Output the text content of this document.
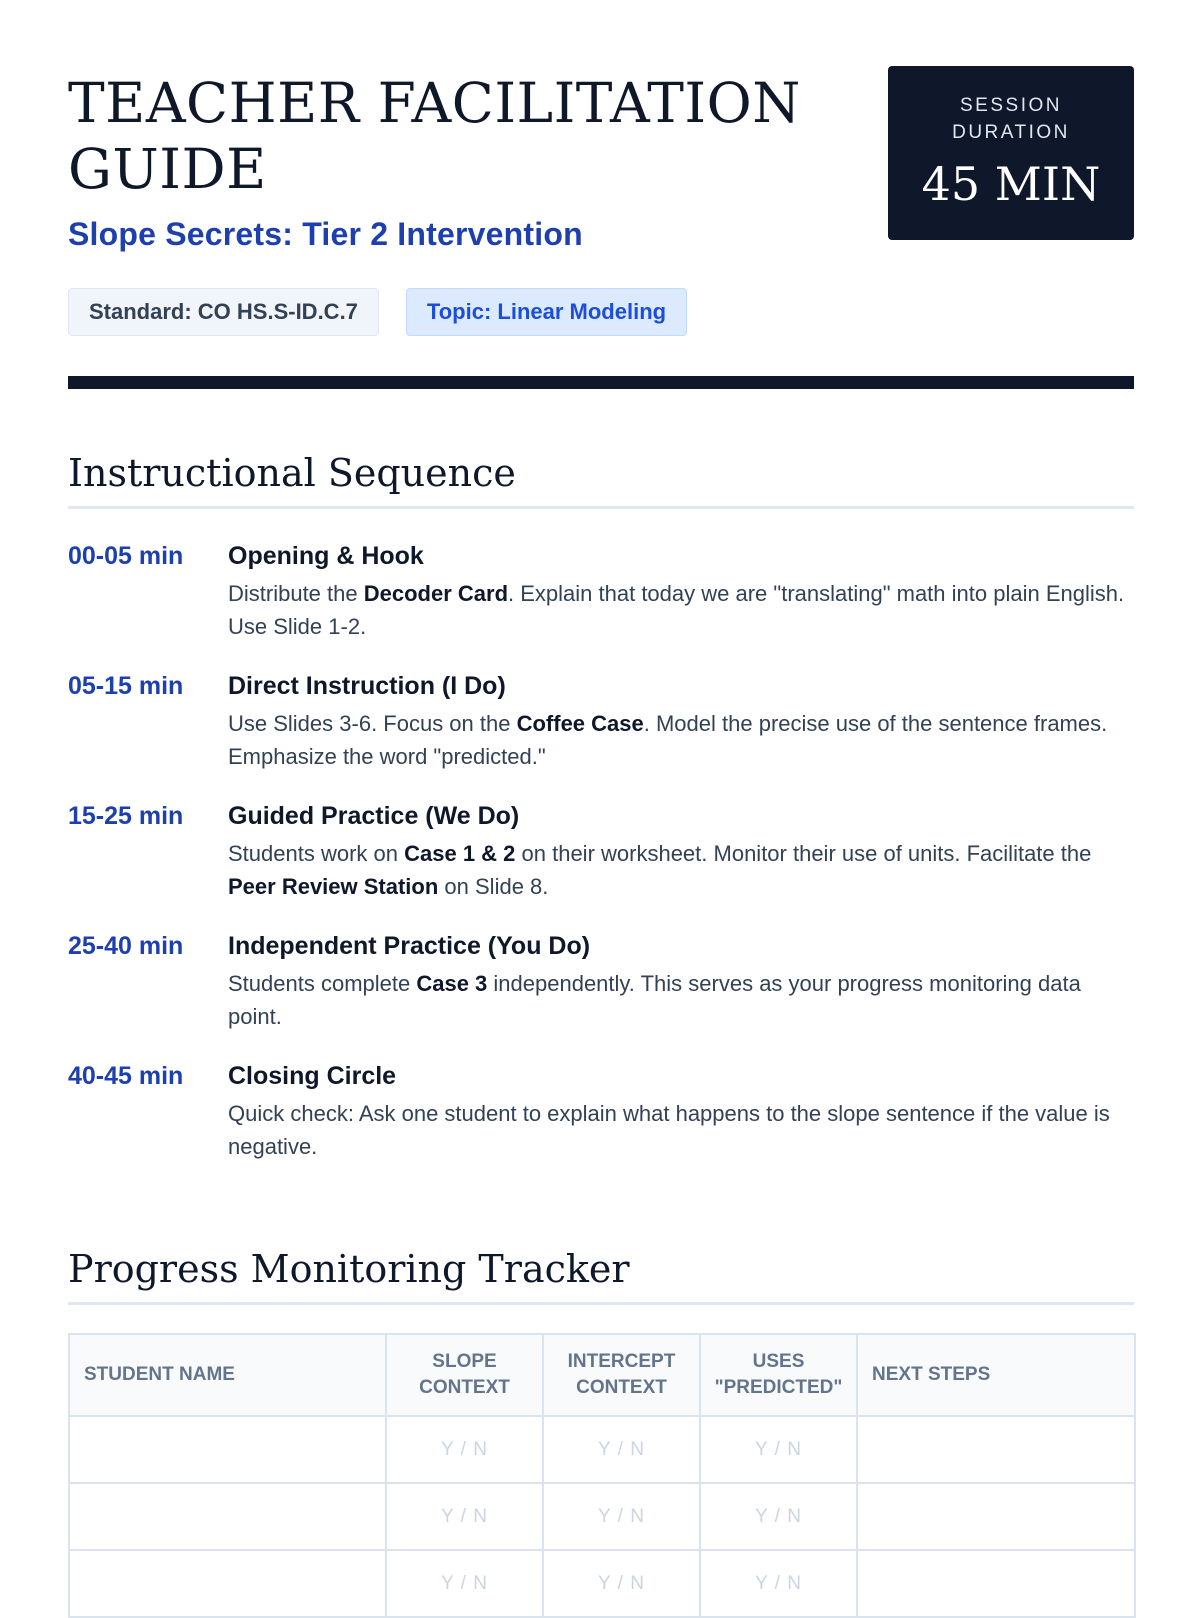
TEACHER FACILITATION GUIDE
Slope Secrets: Tier 2 Intervention
Standard: CO HS.S-ID.C.7	Topic: Linear Modeling
SESSION DURATION
45 MIN
Instructional Sequence
00-05 min	Opening & Hook
Distribute the Decoder Card. Explain that today we are "translating" math into plain English. Use Slide 1-2.
05-15 min	Direct Instruction (I Do)
Use Slides 3-6. Focus on the Coffee Case. Model the precise use of the sentence frames. Emphasize the word "predicted."
15-25 min	Guided Practice (We Do)
Students work on Case 1 & 2 on their worksheet. Monitor their use of units. Facilitate the Peer Review Station on Slide 8.
25-40 min	Independent Practice (You Do)
Students complete Case 3 independently. This serves as your progress monitoring data point.
40-45 min	Closing Circle
Quick check: Ask one student to explain what happens to the slope sentence if the value is negative.
Progress Monitoring Tracker
STUDENT NAME	SLOPE CONTEXT	INTERCEPT CONTEXT	USES "PREDICTED"	NEXT STEPS
	Y / N	Y / N	Y / N	
	Y / N	Y / N	Y / N	
	Y / N	Y / N	Y / N	
